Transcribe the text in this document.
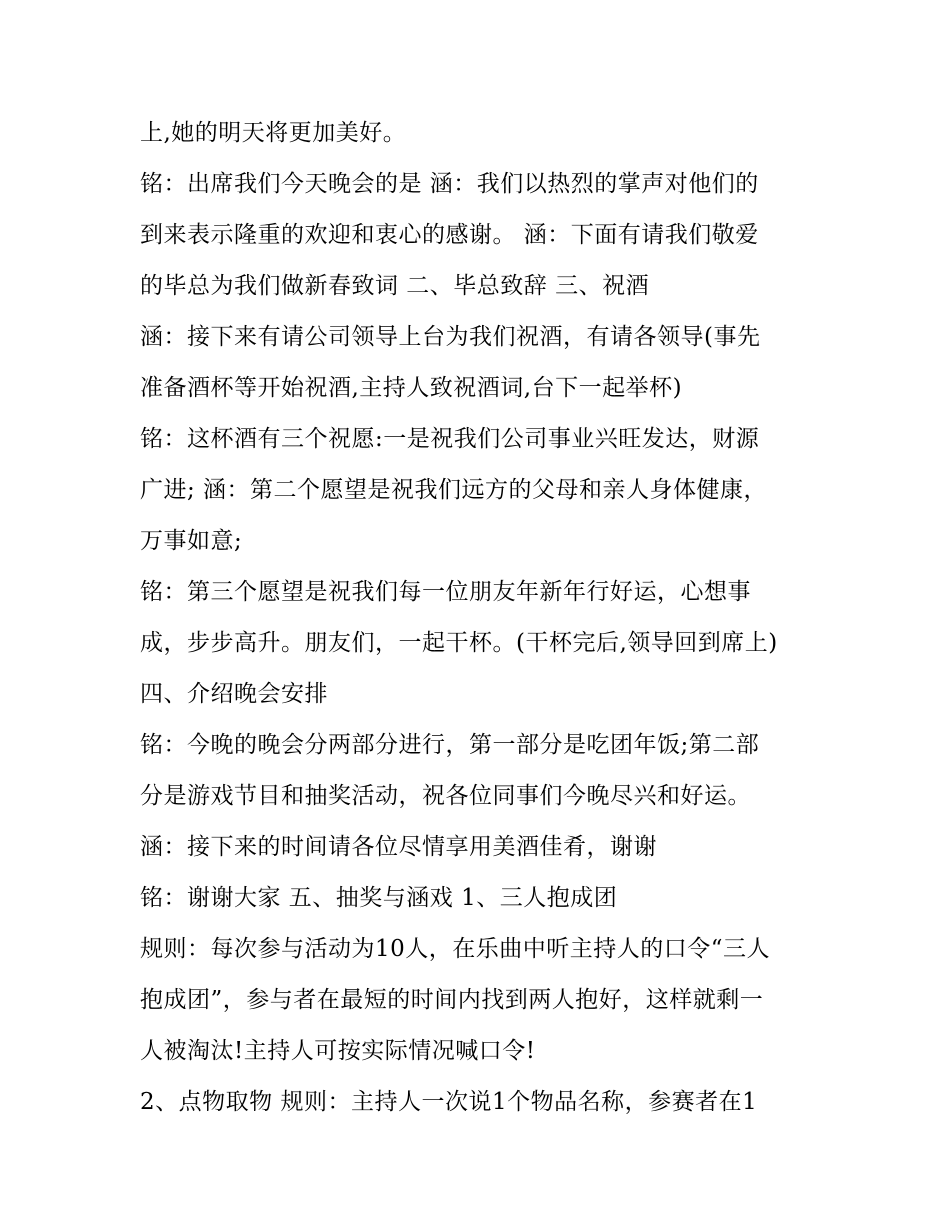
上,她的明天将更加美好。
铭：出席我们今天晚会的是 涵：我们以热烈的掌声对他们的
到来表示隆重的欢迎和衷心的感谢。 涵：下面有请我们敬爱
的毕总为我们做新春致词 二、毕总致辞 三、祝酒
涵：接下来有请公司领导上台为我们祝酒，有请各领导(事先
准备酒杯等开始祝酒,主持人致祝酒词,台下一起举杯)
铭：这杯酒有三个祝愿:一是祝我们公司事业兴旺发达，财源
广进; 涵：第二个愿望是祝我们远方的父母和亲人身体健康，
万事如意;
铭：第三个愿望是祝我们每一位朋友年新年行好运，心想事
成，步步高升。朋友们，一起干杯。(干杯完后,领导回到席上)
四、介绍晚会安排
铭：今晚的晚会分两部分进行，第一部分是吃团年饭;第二部
分是游戏节目和抽奖活动，祝各位同事们今晚尽兴和好运。
涵：接下来的时间请各位尽情享用美酒佳肴，谢谢
铭：谢谢大家 五、抽奖与涵戏 1、三人抱成团
规则：每次参与活动为10人，在乐曲中听主持人的口令“三人
抱成团”，参与者在最短的时间内找到两人抱好，这样就剩一
人被淘汰!主持人可按实际情况喊口令!
2、点物取物 规则：主持人一次说1个物品名称，参赛者在1
